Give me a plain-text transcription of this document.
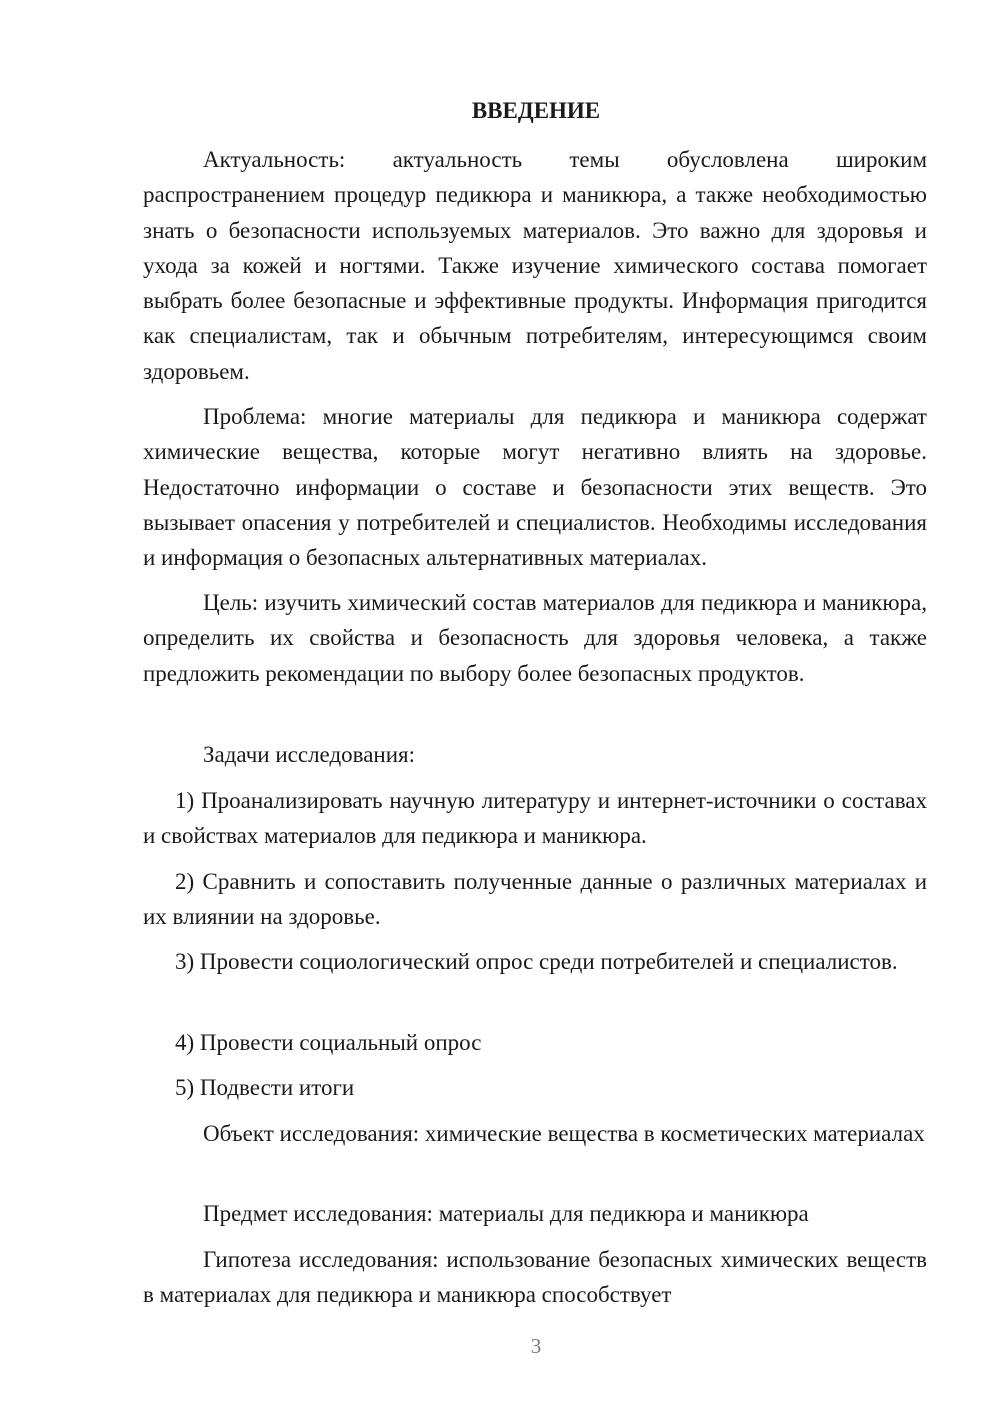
ВВЕДЕНИЕ

Актуальность: актуальность темы обусловлена широким распространением процедур педикюра и маникюра, а также необходимостью знать о безопасности используемых материалов. Это важно для здоровья и ухода за кожей и ногтями. Также изучение химического состава помогает выбрать более безопасные и эффективные продукты. Информация пригодится как специалистам, так и обычным потребителям, интересующимся своим здоровьем.

Проблема: многие материалы для педикюра и маникюра содержат химические вещества, которые могут негативно влиять на здоровье. Недостаточно информации о составе и безопасности этих веществ. Это вызывает опасения у потребителей и специалистов. Необходимы исследования и информация о безопасных альтернативных материалах.

Цель: изучить химический состав материалов для педикюра и маникюра, определить их свойства и безопасность для здоровья человека, а также предложить рекомендации по выбору более безопасных продуктов.

Задачи исследования:

1) Проанализировать научную литературу и интернет-источники о составах и свойствах материалов для педикюра и маникюра.

2) Сравнить и сопоставить полученные данные о различных материалах и их влиянии на здоровье.

3) Провести социологический опрос среди потребителей и специалистов.

4) Провести социальный опрос

5) Подвести итоги

Объект исследования: химические вещества в косметических материалах

Предмет исследования: материалы для педикюра и маникюра

Гипотеза исследования: использование безопасных химических веществ в материалах для педикюра и маникюра способствует

3
